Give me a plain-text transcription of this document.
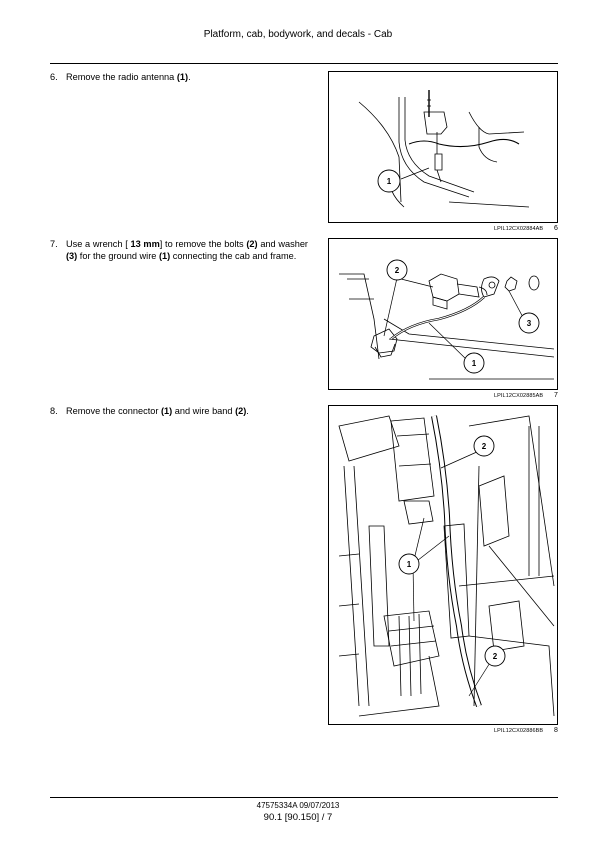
Platform, cab, bodywork, and decals - Cab
6. Remove the radio antenna (1).
7. Use a wrench [ 13 mm] to remove the bolts (2) and washer (3) for the ground wire (1) connecting the cab and frame.
8. Remove the connector (1) and wire band (2).
1
LPIL12CX02884AB 6
2
1
3
LPIL12CX02885AB 7
2
1
2
LPIL12CX02886BB 8
47575334A 09/07/2013
90.1 [90.150] / 7
